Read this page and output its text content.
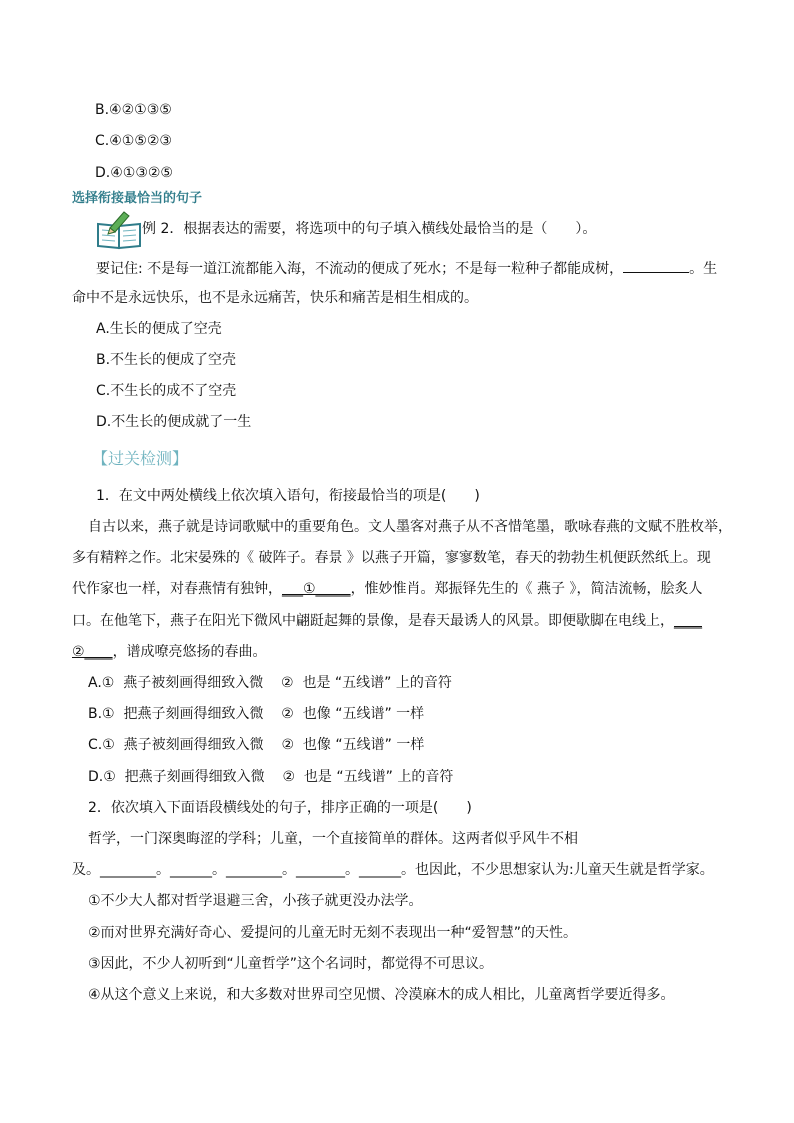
B.④②①③⑤
C.④①⑤②③
D.④①③②⑤
选择衔接最恰当的句子
例 2．根据表达的需要，将选项中的句子填入横线处最恰当的是（　　）。
要记住: 不是每一道江流都能入海，不流动的便成了死水；不是每一粒种子都能成树，	。生
命中不是永远快乐，也不是永远痛苦，快乐和痛苦是相生相成的。
A.生长的便成了空壳
B.不生长的便成了空壳
C.不生长的成不了空壳
D.不生长的便成就了一生
【过关检测】
1．在文中两处横线上依次填入语句，衔接最恰当的项是(　　)
自古以来，燕子就是诗词歌赋中的重要角色。文人墨客对燕子从不吝惜笔墨，歌咏春燕的文赋不胜枚举，
多有精粹之作。北宋晏殊的《 破阵子。春景 》以燕子开篇，寥寥数笔，春天的勃勃生机便跃然纸上。现
代作家也一样，对春燕情有独钟，___①_____，惟妙惟肖。郑振铎先生的《 燕子 》，简洁流畅，脍炙人
口。在他笔下，燕子在阳光下微风中翩跹起舞的景像，是春天最诱人的风景。即便歇脚在电线上，____
②____，谱成嘹亮悠扬的春曲。
A.①  燕子被刻画得细致入微    ②  也是 “五线谱” 上的音符
B.①  把燕子刻画得细致入微    ②  也像 “五线谱” 一样
C.①  燕子被刻画得细致入微    ②  也像 “五线谱” 一样
D.①  把燕子刻画得细致入微    ②  也是 “五线谱” 上的音符
2．依次填入下面语段横线处的句子，排序正确的一项是(　　)
哲学，一门深奥晦涩的学科；儿童，一个直接简单的群体。这两者似乎风牛不相
及。________。______。________。_______。______。也因此，不少思想家认为:儿童天生就是哲学家。
①不少大人都对哲学退避三舍，小孩子就更没办法学。
②而对世界充满好奇心、爱提问的儿童无时无刻不表现出一种“爱智慧”的天性。
③因此，不少人初听到“儿童哲学”这个名词时，都觉得不可思议。
④从这个意义上来说，和大多数对世界司空见惯、冷漠麻木的成人相比，儿童离哲学要近得多。
